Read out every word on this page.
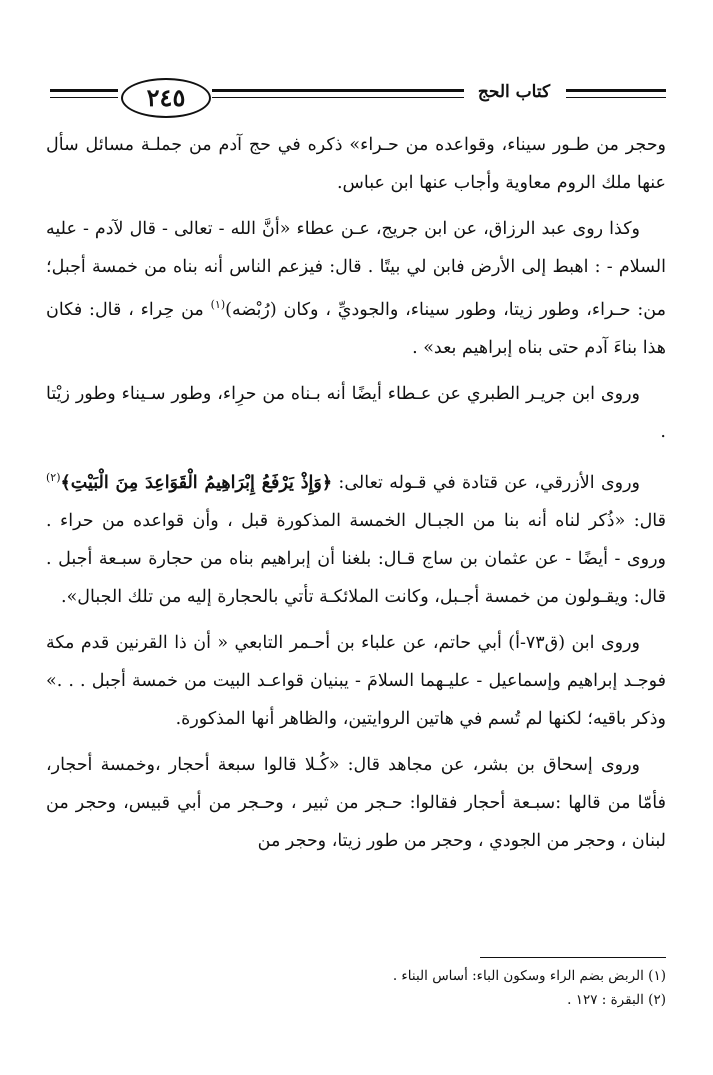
٢٤٥	كتاب الحج

وحجر من طـور سيناء، وقواعده من حـراء» ذكره في حج آدم من جملـة مسائل سأل عنها ملك الروم معاوية وأجاب عنها ابن عباس.

وكذا روى عبد الرزاق، عن ابن جريج، عـن عطاء «أنَّ الله - تعالى - قال لآدم - عليه السلام - : اهبط إلى الأرض فابن لي بيتًا . قال: فيزعم الناس أنه بناه من خمسة أجبل؛ من: حـراء، وطور زيتا، وطور سيناء، والجوديِّ ، وكان (رُبْضه)$^{(١)}$ من حِراء ، قال: فكان هذا بناءَ آدم حتى بناه إبراهيم بعد» .

وروى ابن جريـر الطبري عن عـطاء أيضًا أنه بـناه من حرِاء، وطور سـيناء وطور زيْتا .

وروى الأزرقي، عن قتادة في قـوله تعالى: ﴿وَإِذْ يَرْفَعُ إِبْرَاهِيمُ الْقَوَاعِدَ مِنَ الْبَيْتِ﴾$^{(٢)}$ قال: «ذُكر لناه أنه بنا من الجبـال الخمسة المذكورة قبل ، وأن قواعده من حراء . وروى - أيضًا - عن عثمان بن ساج قـال: بلغنا أن إبراهيم بناه من حجارة سبـعة أجبل . قال: ويقـولون من خمسة أجـبل، وكانت الملائكـة تأتي بالحجارة إليه من تلك الجبال».

وروى ابن (ق٧٣-أ) أبي حاتم، عن علباء بن أحـمر التابعي « أن ذا القرنين قدم مكة فوجـد إبراهيم وإسماعيل - عليـهما السلامَ - يبنيان قواعـد البيت من خمسة أجبل . . .» وذكر باقيه؛ لكنها لم تُسم في هاتين الروايتين، والظاهر أنها المذكورة.

وروى إسحاق بن بشر، عن مجاهد قال: «كُـلا قالوا سبعة أحجار ،وخمسة أحجار، فأمّا من قالها :سبـعة أحجار فقالوا: حـجر من ثبير ، وحـجر من أبي قبيس، وحجر من لبنان ، وحجر من الجودي ، وحجر من طور زيتا، وحجر من

(١) الربض بضم الراء وسكون الباء: أساس البناء .
(٢) البقرة : ١٢٧ .
